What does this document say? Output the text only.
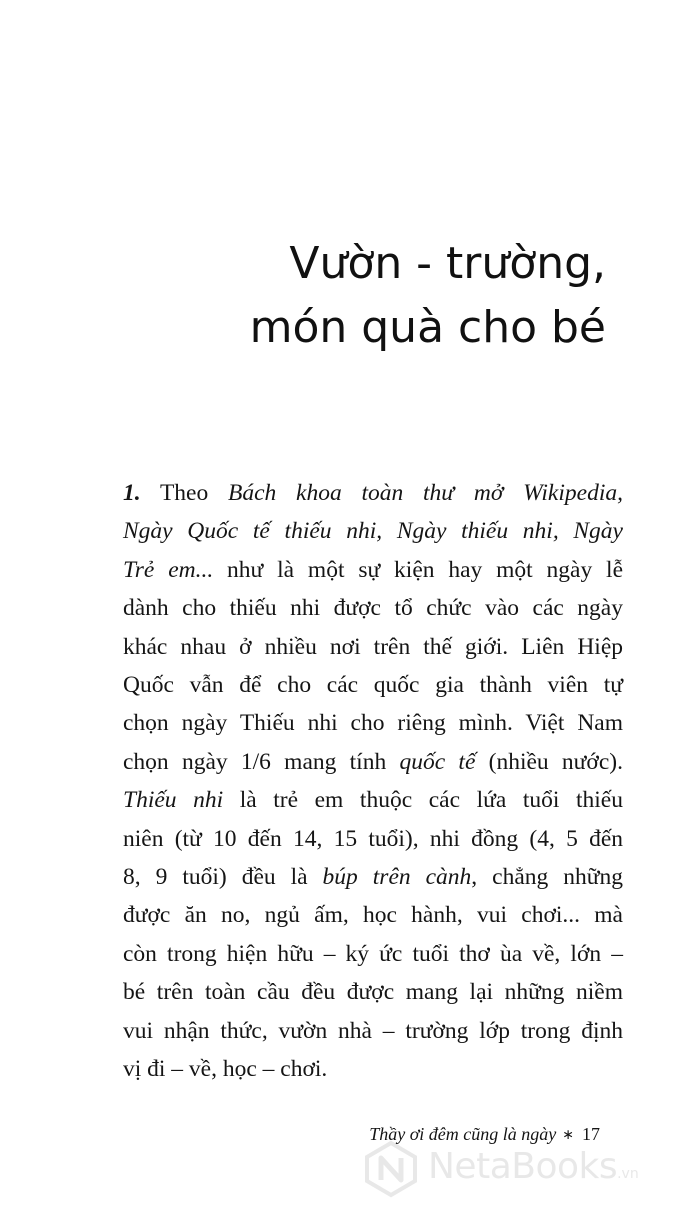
Vườn - trường,
món quà cho bé
1. Theo Bách khoa toàn thư mở Wikipedia,
Ngày Quốc tế thiếu nhi, Ngày thiếu nhi, Ngày
Trẻ em... như là một sự kiện hay một ngày lễ
dành cho thiếu nhi được tổ chức vào các ngày
khác nhau ở nhiều nơi trên thế giới. Liên Hiệp
Quốc vẫn để cho các quốc gia thành viên tự
chọn ngày Thiếu nhi cho riêng mình. Việt Nam
chọn ngày 1/6 mang tính quốc tế (nhiều nước).
Thiếu nhi là trẻ em thuộc các lứa tuổi thiếu
niên (từ 10 đến 14, 15 tuổi), nhi đồng (4, 5 đến
8, 9 tuổi) đều là búp trên cành, chẳng những
được ăn no, ngủ ấm, học hành, vui chơi... mà
còn trong hiện hữu – ký ức tuổi thơ ùa về, lớn –
bé trên toàn cầu đều được mang lại những niềm
vui nhận thức, vườn nhà – trường lớp trong định
vị đi – về, học – chơi.
Thầy ơi đêm cũng là ngày ∗ 17
NetaBooks.vn
